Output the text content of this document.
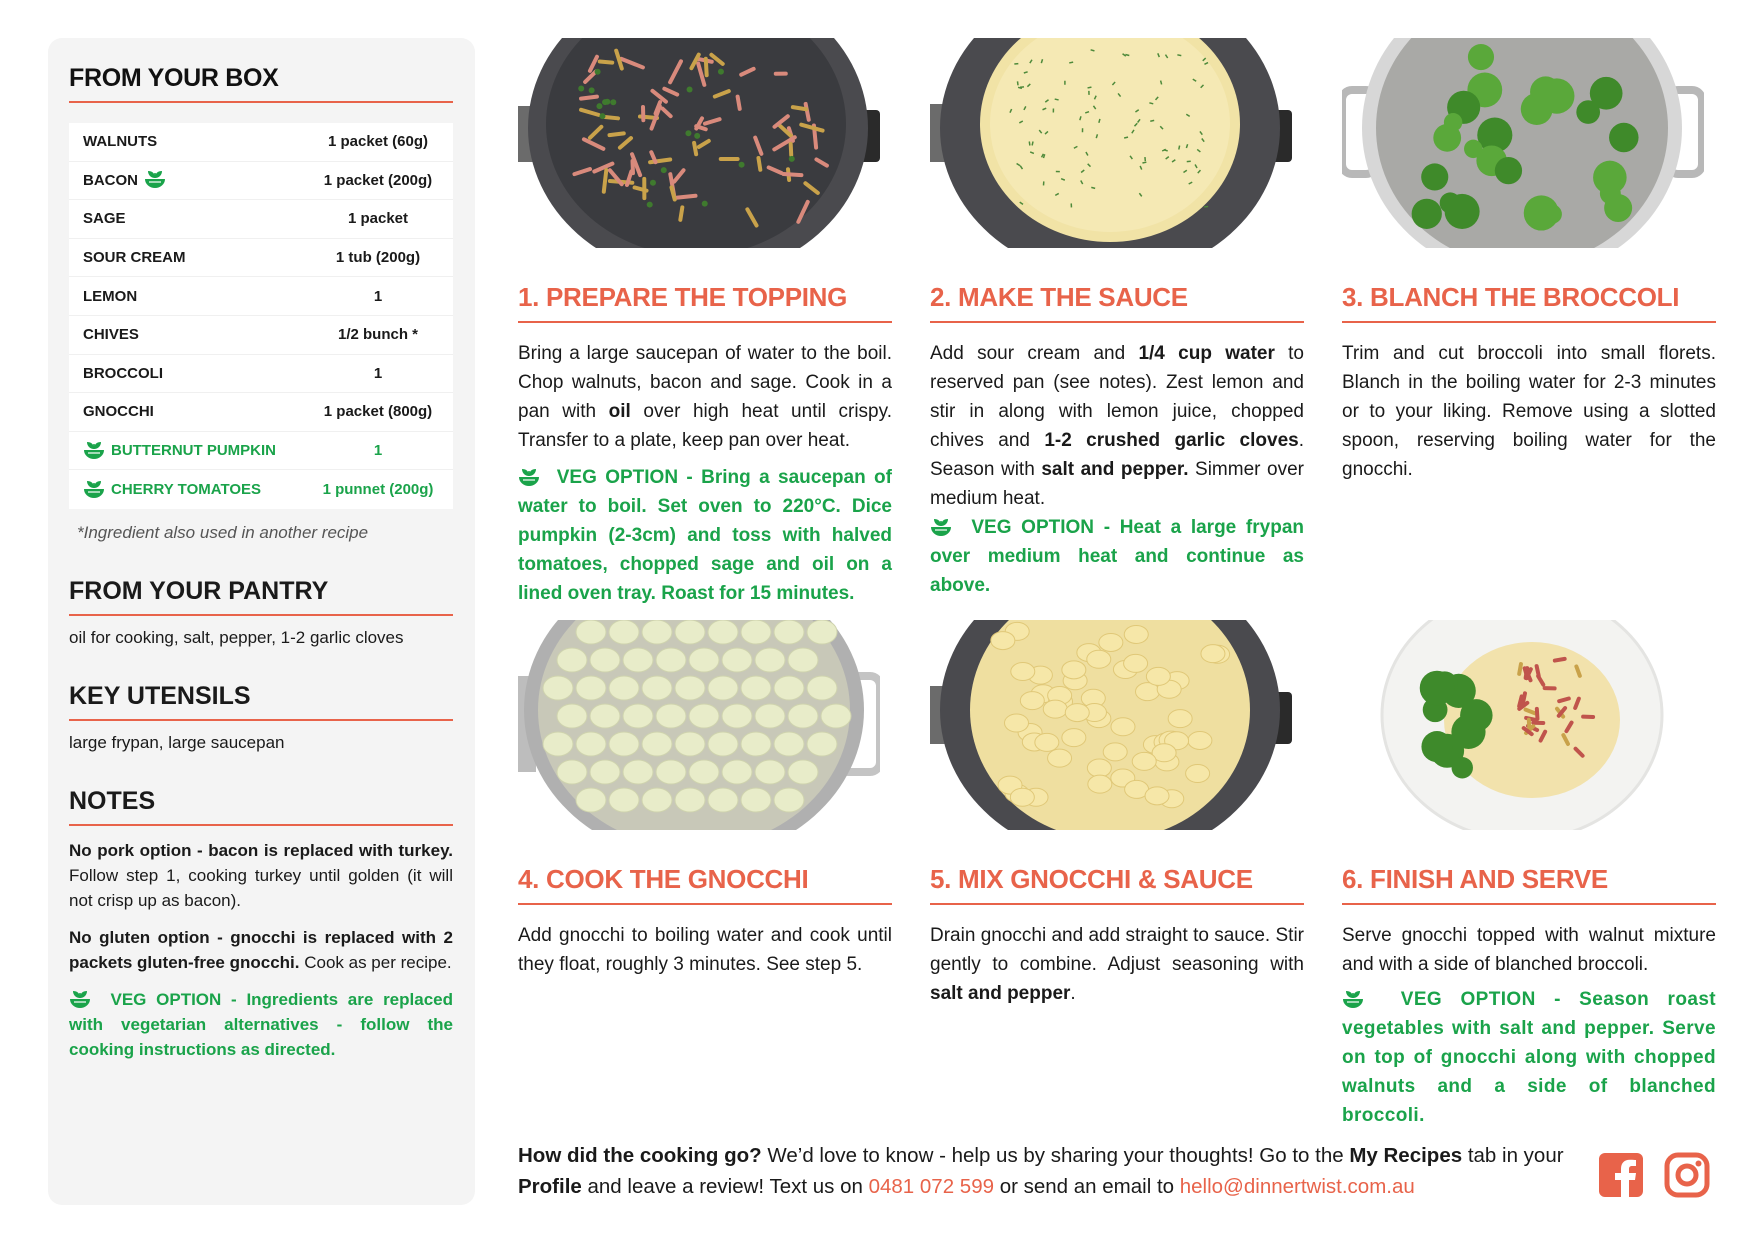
FROM YOUR BOX
WALNUTS	1 packet (60g)
BACON	1 packet (200g)
SAGE	1 packet
SOUR CREAM	1 tub (200g)
LEMON	1
CHIVES	1/2 bunch *
BROCCOLI	1
GNOCCHI	1 packet (800g)
BUTTERNUT PUMPKIN	1
CHERRY TOMATOES	1 punnet (200g)
*Ingredient also used in another recipe
FROM YOUR PANTRY
oil for cooking, salt, pepper, 1-2 garlic cloves
KEY UTENSILS
large frypan, large saucepan
NOTES

No pork option - bacon is replaced with turkey. Follow step 1, cooking turkey until golden (it will not crisp up as bacon).

No gluten option - gnocchi is replaced with 2 packets gluten-free gnocchi. Cook as per recipe.

VEG OPTION - Ingredients are replaced with vegetarian alternatives - follow the cooking instructions as directed.

1. PREPARE THE TOPPING

Bring a large saucepan of water to the boil. Chop walnuts, bacon and sage. Cook in a pan with oil over high heat until crispy. Transfer to a plate, keep pan over heat.

VEG OPTION - Bring a saucepan of water to boil. Set oven to 220°C. Dice pumpkin (2-3cm) and toss with halved tomatoes, chopped sage and oil on a lined oven tray. Roast for 15 minutes.

2. MAKE THE SAUCE

Add sour cream and 1/4 cup water to reserved pan (see notes). Zest lemon and stir in along with lemon juice, chopped chives and 1-2 crushed garlic cloves. Season with salt and pepper. Simmer over medium heat.

VEG OPTION - Heat a large frypan over medium heat and continue as above.

3. BLANCH THE BROCCOLI

Trim and cut broccoli into small florets. Blanch in the boiling water for 2-3 minutes or to your liking. Remove using a slotted spoon, reserving boiling water for the gnocchi.

4. COOK THE GNOCCHI

Add gnocchi to boiling water and cook until they float, roughly 3 minutes. See step 5.

5. MIX GNOCCHI & SAUCE

Drain gnocchi and add straight to sauce. Stir gently to combine. Adjust seasoning with salt and pepper.

6. FINISH AND SERVE

Serve gnocchi topped with walnut mixture and with a side of blanched broccoli.

VEG OPTION - Season roast vegetables with salt and pepper. Serve on top of gnocchi along with chopped walnuts and a side of blanched broccoli.

How did the cooking go? We’d love to know - help us by sharing your thoughts! Go to the My Recipes tab in your Profile and leave a review! Text us on 0481 072 599 or send an email to hello@dinnertwist.com.au
